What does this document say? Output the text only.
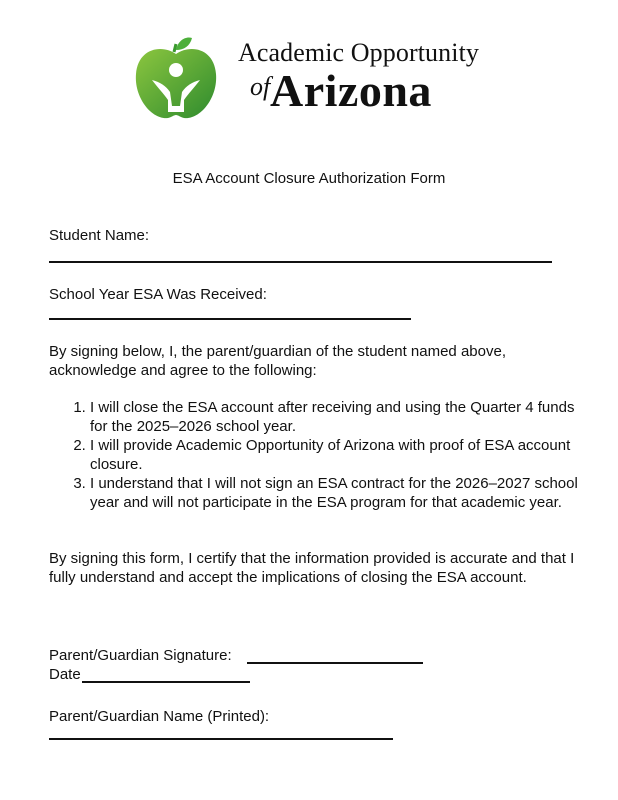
Academic Opportunity
of Arizona
ESA Account Closure Authorization Form
Student Name:
School Year ESA Was Received:
By signing below, I, the parent/guardian of the student named above, acknowledge and agree to the following:
1. I will close the ESA account after receiving and using the Quarter 4 funds for the 2025–2026 school year.
2. I will provide Academic Opportunity of Arizona with proof of ESA account closure.
3. I understand that I will not sign an ESA contract for the 2026–2027 school year and will not participate in the ESA program for that academic year.
By signing this form, I certify that the information provided is accurate and that I fully understand and accept the implications of closing the ESA account.
Parent/Guardian Signature:
Date
Parent/Guardian Name (Printed):
